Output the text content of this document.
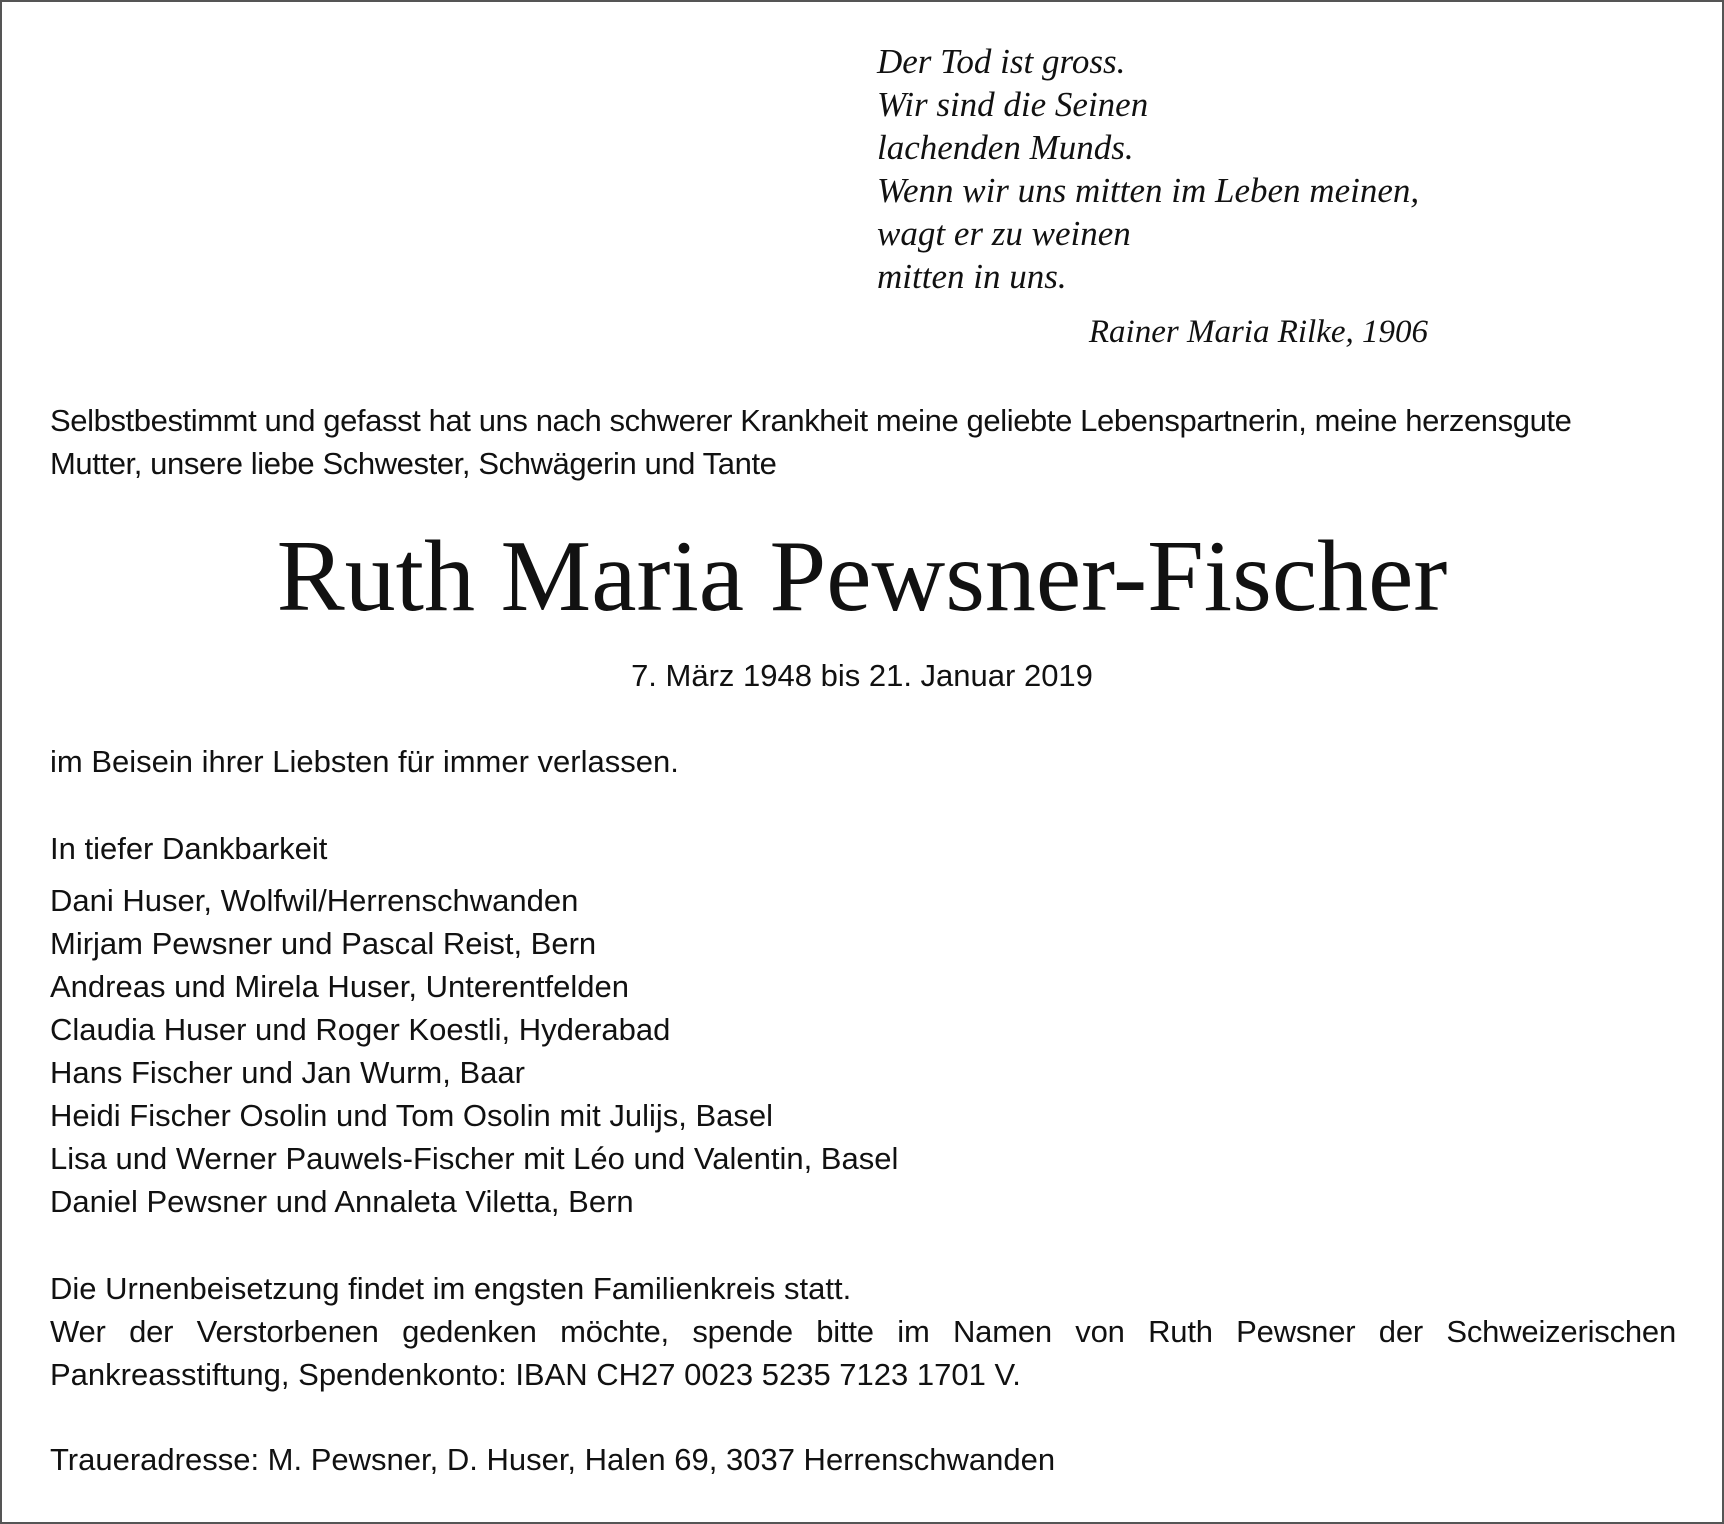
Der Tod ist gross.
Wir sind die Seinen
lachenden Munds.
Wenn wir uns mitten im Leben meinen,
wagt er zu weinen
mitten in uns.
Rainer Maria Rilke, 1906
Selbstbestimmt und gefasst hat uns nach schwerer Krankheit meine geliebte Lebenspartnerin, meine herzensgute
Mutter, unsere liebe Schwester, Schwägerin und Tante
Ruth Maria Pewsner-Fischer
7. März 1948 bis 21. Januar 2019
im Beisein ihrer Liebsten für immer verlassen.
In tiefer Dankbarkeit
Dani Huser, Wolfwil/Herrenschwanden
Mirjam Pewsner und Pascal Reist, Bern
Andreas und Mirela Huser, Unterentfelden
Claudia Huser und Roger Koestli, Hyderabad
Hans Fischer und Jan Wurm, Baar
Heidi Fischer Osolin und Tom Osolin mit Julijs, Basel
Lisa und Werner Pauwels-Fischer mit Léo und Valentin, Basel
Daniel Pewsner und Annaleta Viletta, Bern
Die Urnenbeisetzung findet im engsten Familienkreis statt.
Wer der Verstorbenen gedenken möchte, spende bitte im Namen von Ruth Pewsner der Schweizerischen
Pankreasstiftung, Spendenkonto: IBAN CH27 0023 5235 7123 1701 V.
Traueradresse: M. Pewsner, D. Huser, Halen 69, 3037 Herrenschwanden
